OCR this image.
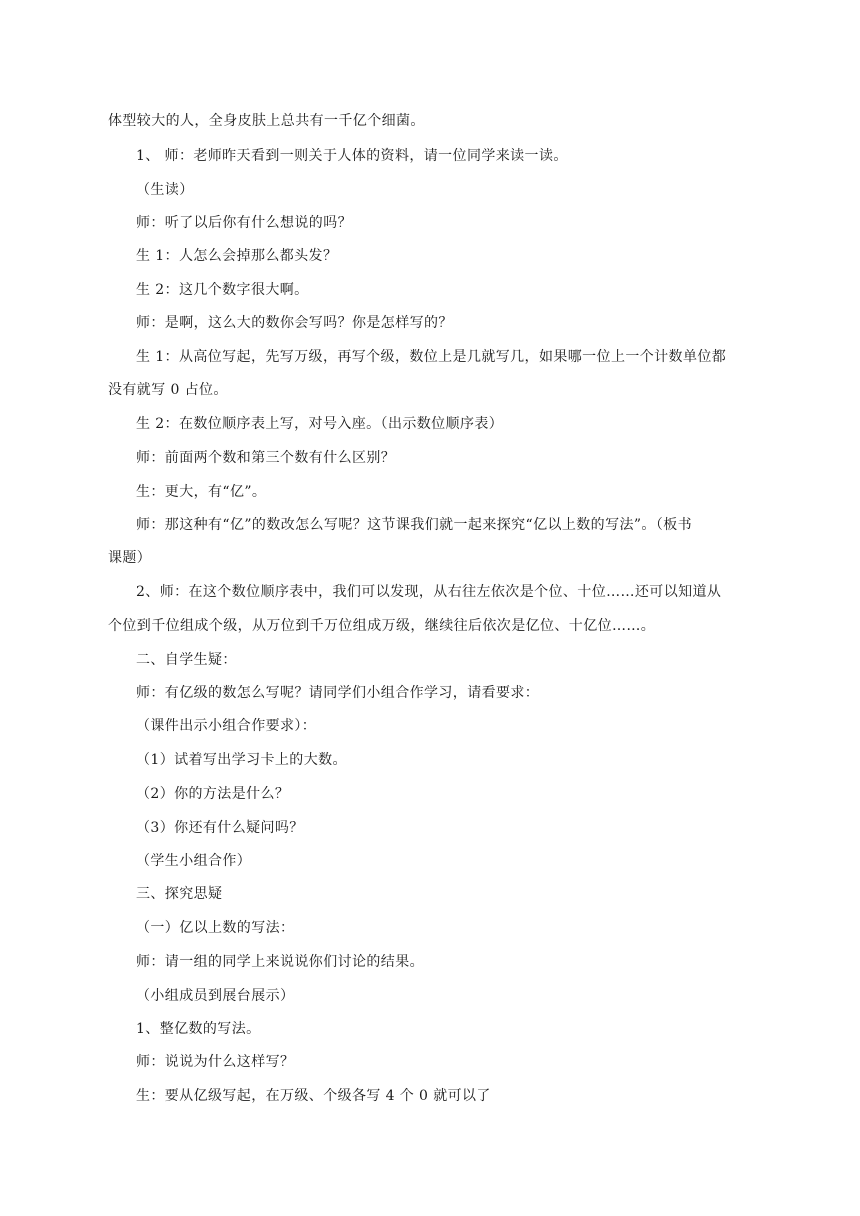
体型较大的人，全身皮肤上总共有一千亿个细菌。
1、 师：老师昨天看到一则关于人体的资料，请一位同学来读一读。
（生读）
师：听了以后你有什么想说的吗？
生 1：人怎么会掉那么都头发？
生 2：这几个数字很大啊。
师：是啊，这么大的数你会写吗？你是怎样写的？
生 1：从高位写起，先写万级，再写个级，数位上是几就写几，如果哪一位上一个计数单位都
没有就写 0 占位。
生 2：在数位顺序表上写，对号入座。（出示数位顺序表）
师：前面两个数和第三个数有什么区别？
生：更大，有“亿”。
师：那这种有“亿”的数改怎么写呢？这节课我们就一起来探究“亿以上数的写法”。（板书
课题）
2、师：在这个数位顺序表中，我们可以发现，从右往左依次是个位、十位……还可以知道从
个位到千位组成个级，从万位到千万位组成万级，继续往后依次是亿位、十亿位……。
二、自学生疑：
师：有亿级的数怎么写呢？请同学们小组合作学习，请看要求：
（课件出示小组合作要求）：
（1）试着写出学习卡上的大数。
（2）你的方法是什么？
（3）你还有什么疑问吗？
（学生小组合作）
三、探究思疑
（一）亿以上数的写法：
师：请一组的同学上来说说你们讨论的结果。
（小组成员到展台展示）
1、整亿数的写法。
师：说说为什么这样写？
生：要从亿级写起，在万级、个级各写 4 个 0 就可以了
